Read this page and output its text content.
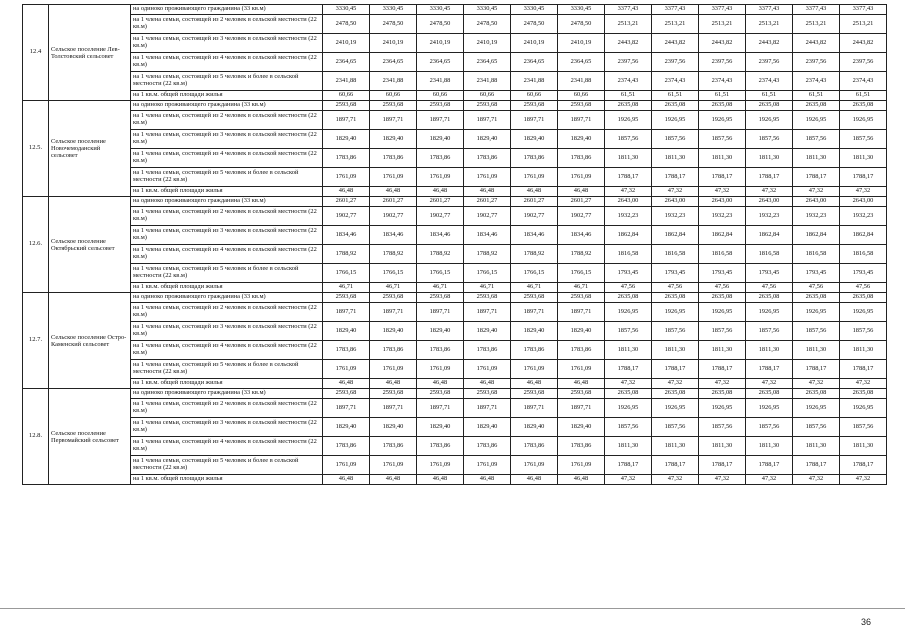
12.4	Сельское поселение Лев-Толстовский сельсовет	на одиноко проживающего гражданина (33 кв.м)	3330,45	3330,45	3330,45	3330,45	3330,45	3330,45	3377,43	3377,43	3377,43	3377,43	3377,43	3377,43
		на 1 члена семьи, состоящей из 2 человек в сельской местности (22 кв.м)	2478,50	2478,50	2478,50	2478,50	2478,50	2478,50	2513,21	2513,21	2513,21	2513,21	2513,21	2513,21
		на 1 члена семьи, состоящей из 3 человек в сельской местности (22 кв.м)	2410,19	2410,19	2410,19	2410,19	2410,19	2410,19	2443,82	2443,82	2443,82	2443,82	2443,82	2443,82
		на 1 члена семьи, состоящей из 4 человек в сельской местности (22 кв.м)	2364,65	2364,65	2364,65	2364,65	2364,65	2364,65	2397,56	2397,56	2397,56	2397,56	2397,56	2397,56
		на 1 члена семьи, состоящей из 5 человек и более в сельской местности (22 кв.м)	2341,88	2341,88	2341,88	2341,88	2341,88	2341,88	2374,43	2374,43	2374,43	2374,43	2374,43	2374,43
		на 1 кв.м. общей площади жилья	60,66	60,66	60,66	60,66	60,66	60,66	61,51	61,51	61,51	61,51	61,51	61,51
12.5.	Сельское поселение Новочемоданский сельсовет	на одиноко проживающего гражданина (33 кв.м)	2593,68	2593,68	2593,68	2593,68	2593,68	2593,68	2635,08	2635,08	2635,08	2635,08	2635,08	2635,08
		на 1 члена семьи, состоящей из 2 человек в сельской местности (22 кв.м)	1897,71	1897,71	1897,71	1897,71	1897,71	1897,71	1926,95	1926,95	1926,95	1926,95	1926,95	1926,95
		на 1 члена семьи, состоящей из 3 человек в сельской местности (22 кв.м)	1829,40	1829,40	1829,40	1829,40	1829,40	1829,40	1857,56	1857,56	1857,56	1857,56	1857,56	1857,56
		на 1 члена семьи, состоящей из 4 человек в сельской местности (22 кв.м)	1783,86	1783,86	1783,86	1783,86	1783,86	1783,86	1811,30	1811,30	1811,30	1811,30	1811,30	1811,30
		на 1 члена семьи, состоящей из 5 человек и более в сельской местности (22 кв.м)	1761,09	1761,09	1761,09	1761,09	1761,09	1761,09	1788,17	1788,17	1788,17	1788,17	1788,17	1788,17
		на 1 кв.м. общей площади жилья	46,48	46,48	46,48	46,48	46,48	46,48	47,32	47,32	47,32	47,32	47,32	47,32
12.6.	Сельское поселение Октябрьский сельсовет	на одиноко проживающего гражданина (33 кв.м)	2601,27	2601,27	2601,27	2601,27	2601,27	2601,27	2643,00	2643,00	2643,00	2643,00	2643,00	2643,00
		на 1 члена семьи, состоящей из 2 человек в сельской местности (22 кв.м)	1902,77	1902,77	1902,77	1902,77	1902,77	1902,77	1932,23	1932,23	1932,23	1932,23	1932,23	1932,23
		на 1 члена семьи, состоящей из 3 человек в сельской местности (22 кв.м)	1834,46	1834,46	1834,46	1834,46	1834,46	1834,46	1862,84	1862,84	1862,84	1862,84	1862,84	1862,84
		на 1 члена семьи, состоящей из 4 человек в сельской местности (22 кв.м)	1788,92	1788,92	1788,92	1788,92	1788,92	1788,92	1816,58	1816,58	1816,58	1816,58	1816,58	1816,58
		на 1 члена семьи, состоящей из 5 человек и более в сельской местности (22 кв.м)	1766,15	1766,15	1766,15	1766,15	1766,15	1766,15	1793,45	1793,45	1793,45	1793,45	1793,45	1793,45
		на 1 кв.м. общей площади жилья	46,71	46,71	46,71	46,71	46,71	46,71	47,56	47,56	47,56	47,56	47,56	47,56
12.7.	Сельское поселение Остро-Каменский сельсовет	на одиноко проживающего гражданина (33 кв.м)	2593,68	2593,68	2593,68	2593,68	2593,68	2593,68	2635,08	2635,08	2635,08	2635,08	2635,08	2635,08
		на 1 члена семьи, состоящей из 2 человек в сельской местности (22 кв.м)	1897,71	1897,71	1897,71	1897,71	1897,71	1897,71	1926,95	1926,95	1926,95	1926,95	1926,95	1926,95
		на 1 члена семьи, состоящей из 3 человек в сельской местности (22 кв.м)	1829,40	1829,40	1829,40	1829,40	1829,40	1829,40	1857,56	1857,56	1857,56	1857,56	1857,56	1857,56
		на 1 члена семьи, состоящей из 4 человек в сельской местности (22 кв.м)	1783,86	1783,86	1783,86	1783,86	1783,86	1783,86	1811,30	1811,30	1811,30	1811,30	1811,30	1811,30
		на 1 члена семьи, состоящей из 5 человек и более в сельской местности (22 кв.м)	1761,09	1761,09	1761,09	1761,09	1761,09	1761,09	1788,17	1788,17	1788,17	1788,17	1788,17	1788,17
		на 1 кв.м. общей площади жилья	46,48	46,48	46,48	46,48	46,48	46,48	47,32	47,32	47,32	47,32	47,32	47,32
12.8.	Сельское поселение Первомайский сельсовет	на одиноко проживающего гражданина (33 кв.м)	2593,68	2593,68	2593,68	2593,68	2593,68	2593,68	2635,08	2635,08	2635,08	2635,08	2635,08	2635,08
		на 1 члена семьи, состоящей из 2 человек в сельской местности (22 кв.м)	1897,71	1897,71	1897,71	1897,71	1897,71	1897,71	1926,95	1926,95	1926,95	1926,95	1926,95	1926,95
		на 1 члена семьи, состоящей из 3 человек в сельской местности (22 кв.м)	1829,40	1829,40	1829,40	1829,40	1829,40	1829,40	1857,56	1857,56	1857,56	1857,56	1857,56	1857,56
		на 1 члена семьи, состоящей из 4 человек в сельской местности (22 кв.м)	1783,86	1783,86	1783,86	1783,86	1783,86	1783,86	1811,30	1811,30	1811,30	1811,30	1811,30	1811,30
		на 1 члена семьи, состоящей из 5 человек и более в сельской местности (22 кв.м)	1761,09	1761,09	1761,09	1761,09	1761,09	1761,09	1788,17	1788,17	1788,17	1788,17	1788,17	1788,17
		на 1 кв.м. общей площади жилья	46,48	46,48	46,48	46,48	46,48	46,48	47,32	47,32	47,32	47,32	47,32	47,32
36
